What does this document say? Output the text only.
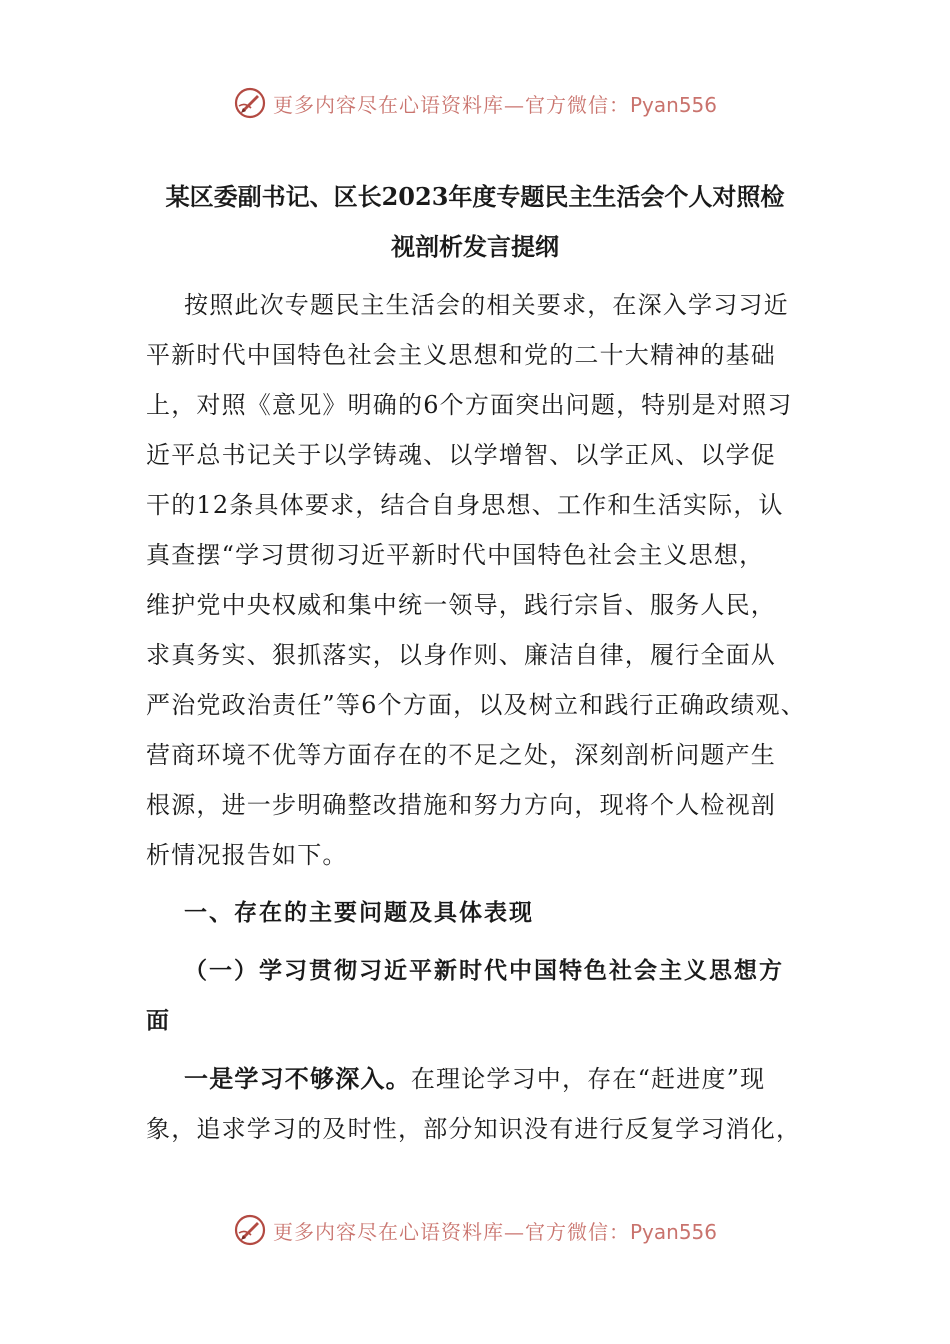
更多内容尽在心语资料库—官方微信：Pyan556
某区委副书记、区长2023年度专题民主生活会个人对照检
视剖析发言提纲

按照此次专题民主生活会的相关要求，在深入学习习近

平新时代中国特色社会主义思想和党的二十大精神的基础

上，对照《意见》明确的6个方面突出问题，特别是对照习

近平总书记关于以学铸魂、以学增智、以学正风、以学促

干的12条具体要求，结合自身思想、工作和生活实际，认

真查摆“学习贯彻习近平新时代中国特色社会主义思想，

维护党中央权威和集中统一领导，践行宗旨、服务人民，

求真务实、狠抓落实，以身作则、廉洁自律，履行全面从

严治党政治责任”等6个方面，以及树立和践行正确政绩观、

营商环境不优等方面存在的不足之处，深刻剖析问题产生

根源，进一步明确整改措施和努力方向，现将个人检视剖

析情况报告如下。

一、存在的主要问题及具体表现

（一）学习贯彻习近平新时代中国特色社会主义思想方

面

一是学习不够深入。在理论学习中，存在“赶进度”现

象，追求学习的及时性，部分知识没有进行反复学习消化，

更多内容尽在心语资料库—官方微信：Pyan556
